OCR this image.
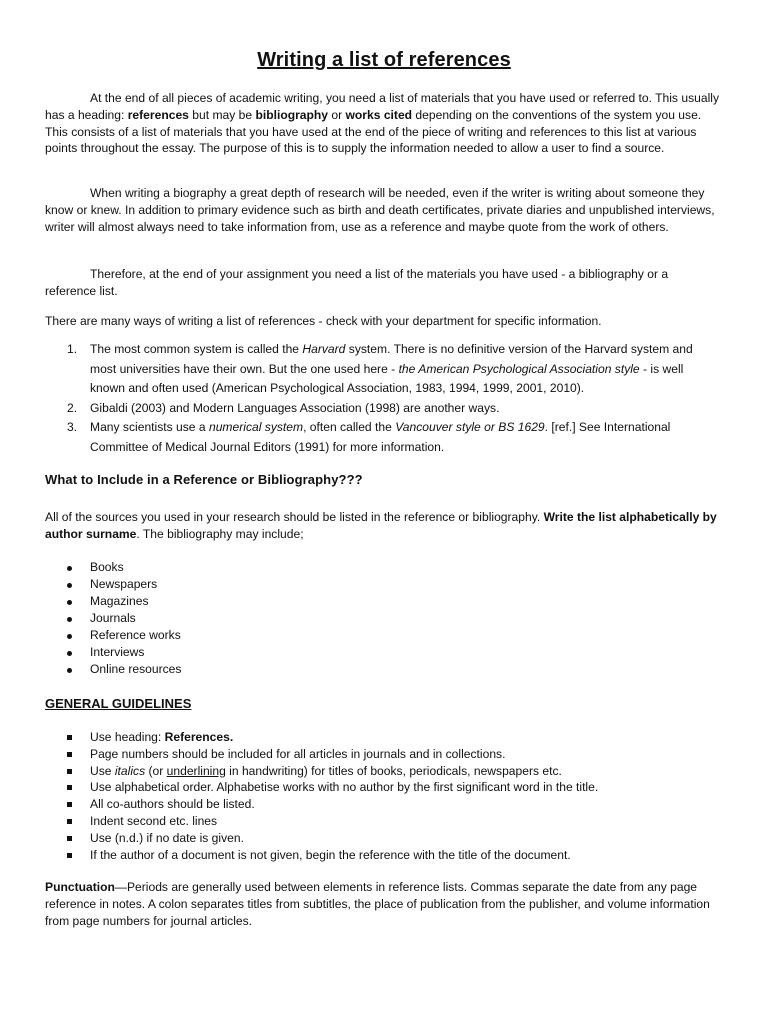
Writing a list of references

At the end of all pieces of academic writing, you need a list of materials that you have used or referred to. This usually has a heading: references but may be bibliography or works cited depending on the conventions of the system you use. This consists of a list of materials that you have used at the end of the piece of writing and references to this list at various points throughout the essay. The purpose of this is to supply the information needed to allow a user to find a source.

When writing a biography a great depth of research will be needed, even if the writer is writing about someone they know or knew. In addition to primary evidence such as birth and death certificates, private diaries and unpublished interviews, writer will almost always need to take information from, use as a reference and maybe quote from the work of others.

Therefore, at the end of your assignment you need a list of the materials you have used - a bibliography or a reference list.

There are many ways of writing a list of references - check with your department for specific information.

1. The most common system is called the Harvard system. There is no definitive version of the Harvard system and most universities have their own. But the one used here - the American Psychological Association style - is well known and often used (American Psychological Association, 1983, 1994, 1999, 2001, 2010).
2. Gibaldi (2003) and Modern Languages Association (1998) are another ways.
3. Many scientists use a numerical system, often called the Vancouver style or BS 1629. [ref.] See International Committee of Medical Journal Editors (1991) for more information.
What to Include in a Reference or Bibliography???

All of the sources you used in your research should be listed in the reference or bibliography. Write the list alphabetically by author surname. The bibliography may include;

Books
Newspapers
Magazines
Journals
Reference works
Interviews
Online resources
GENERAL GUIDELINES
Use heading: References.
Page numbers should be included for all articles in journals and in collections.
Use italics (or underlining in handwriting) for titles of books, periodicals, newspapers etc.
Use alphabetical order. Alphabetise works with no author by the first significant word in the title.
All co-authors should be listed.
Indent second etc. lines
Use (n.d.) if no date is given.
If the author of a document is not given, begin the reference with the title of the document.

Punctuation—Periods are generally used between elements in reference lists. Commas separate the date from any page reference in notes. A colon separates titles from subtitles, the place of publication from the publisher, and volume information from page numbers for journal articles.
